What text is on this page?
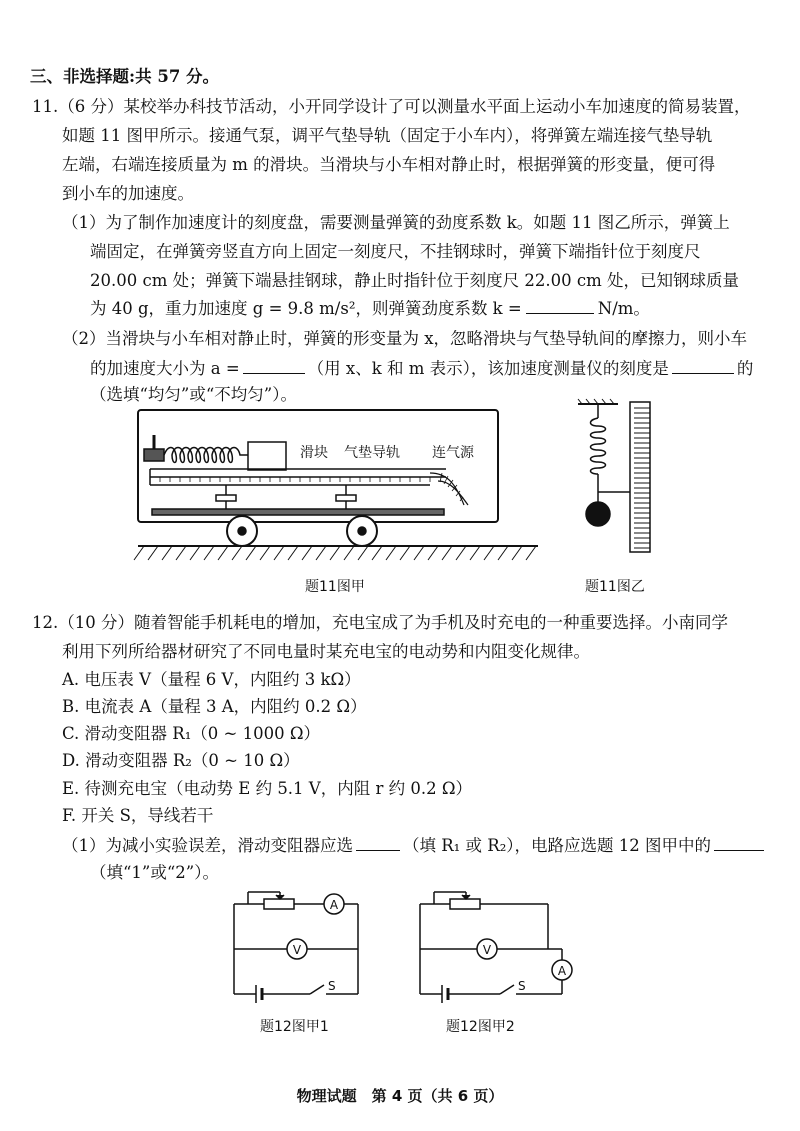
三、非选择题:共 57 分。
11.（6 分）某校举办科技节活动，小开同学设计了可以测量水平面上运动小车加速度的简易装置，
如题 11 图甲所示。接通气泵，调平气垫导轨（固定于小车内），将弹簧左端连接气垫导轨
左端，右端连接质量为 m 的滑块。当滑块与小车相对静止时，根据弹簧的形变量，便可得
到小车的加速度。
（1）为了制作加速度计的刻度盘，需要测量弹簧的劲度系数 k。如题 11 图乙所示，弹簧上
端固定，在弹簧旁竖直方向上固定一刻度尺，不挂钢球时，弹簧下端指针位于刻度尺
20.00 cm 处；弹簧下端悬挂钢球，静止时指针位于刻度尺 22.00 cm 处，已知钢球质量
为 40 g，重力加速度 g = 9.8 m/s²，则弹簧劲度系数 k =	N/m。
（2）当滑块与小车相对静止时，弹簧的形变量为 x，忽略滑块与气垫导轨间的摩擦力，则小车
的加速度大小为 a =	（用 x、k 和 m 表示），该加速度测量仪的刻度是	的
（选填“均匀”或“不均匀”）。
滑块 气垫导轨 连气源
题11图甲	题11图乙
12.（10 分）随着智能手机耗电的增加，充电宝成了为手机及时充电的一种重要选择。小南同学
利用下列所给器材研究了不同电量时某充电宝的电动势和内阻变化规律。
A. 电压表 V（量程 6 V，内阻约 3 kΩ）
B. 电流表 A（量程 3 A，内阻约 0.2 Ω）
C. 滑动变阻器 R₁（0 ~ 1000 Ω）
D. 滑动变阻器 R₂（0 ~ 10 Ω）
E. 待测充电宝（电动势 E 约 5.1 V，内阻 r 约 0.2 Ω）
F. 开关 S，导线若干
（1）为减小实验误差，滑动变阻器应选	（填 R₁ 或 R₂），电路应选题 12 图甲中的
（填“1”或“2”）。
A
V
S
题12图甲1
V
A
S
题12图甲2
物理试题　第 4 页（共 6 页）
